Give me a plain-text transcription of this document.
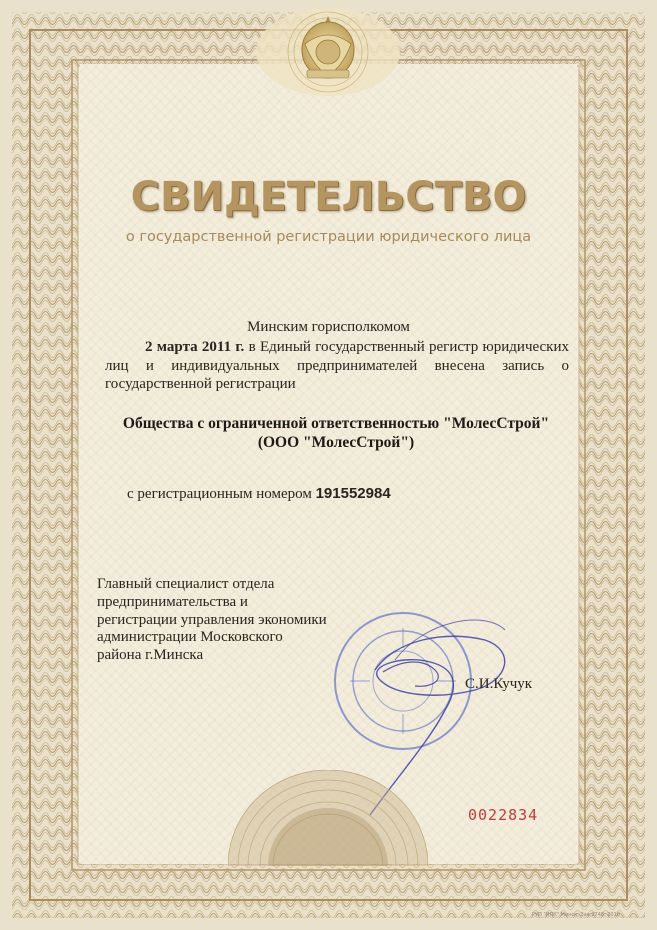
СВИДЕТЕЛЬСТВО
о государственной регистрации юридического лица
Минским горисполкомом
2 марта 2011 г. в Единый государственный регистр юридических лиц и индивидуальных предпринимателей внесена запись о государственной регистрации
Общества с ограниченной ответственностью "МолесСтрой"
(ООО "МолесСтрой")
с регистрационным номером 191552984
Главный специалист отдела предпринимательства и регистрации управления экономики администрации Московского района г.Минска
С.И.Кучук
0022834
ГУП "ИПК" Минск, Зак.2748. 2010
